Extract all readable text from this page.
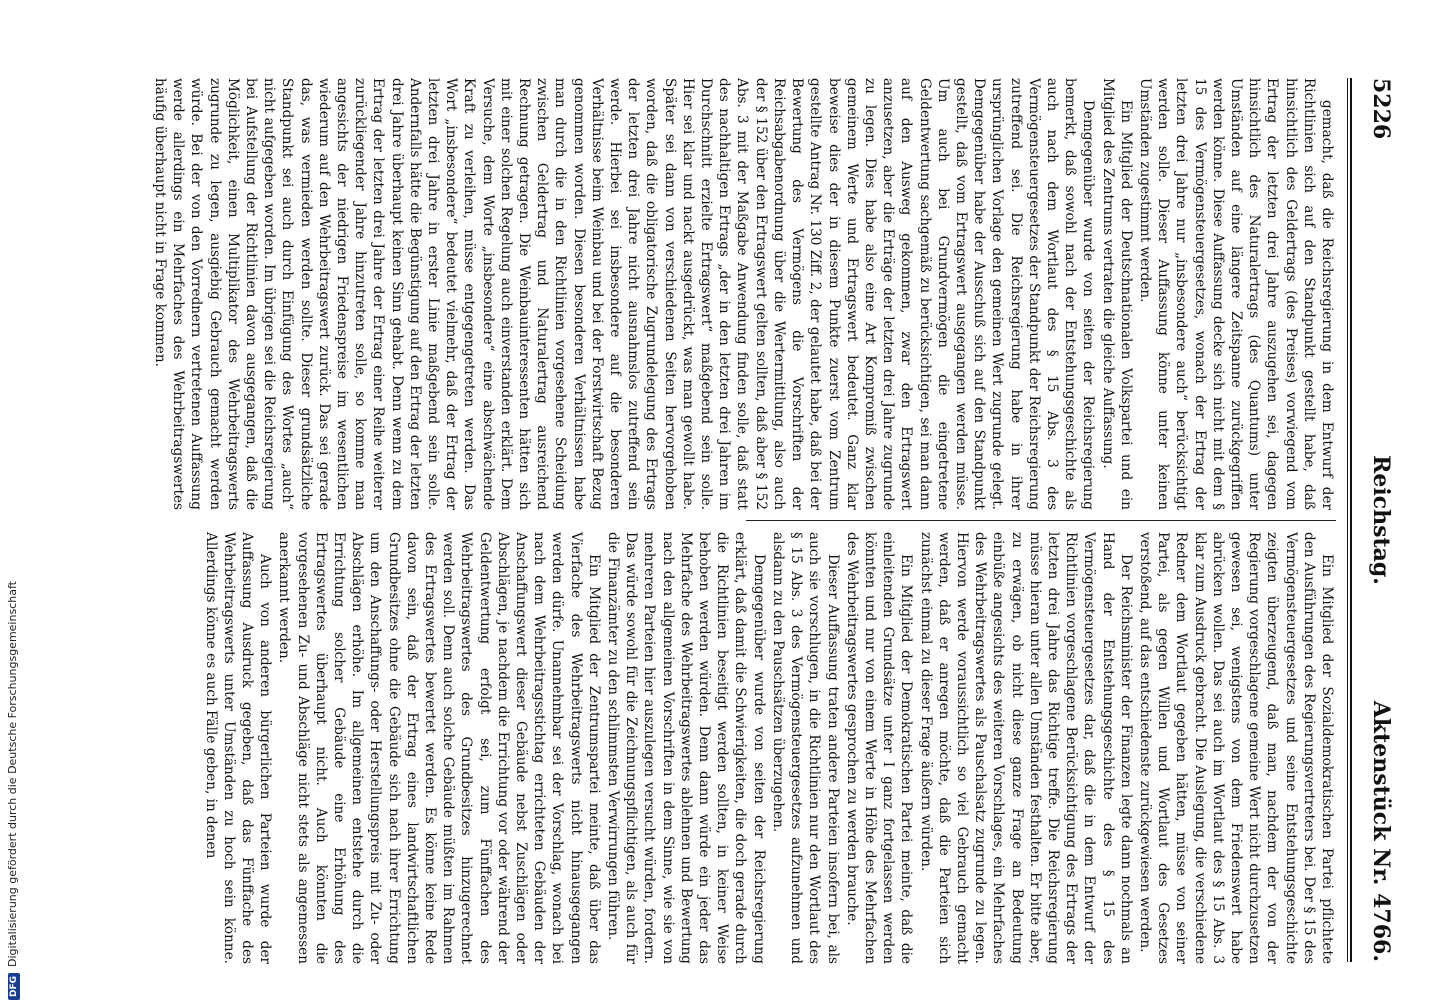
5226
Reichstag.
Aktenstück Nr. 4766.

gemacht, daß die Reichsregierung in dem Entwurf der Richtlinien sich auf den Standpunkt gestellt habe, daß hinsichtlich des Geldertrags (des Preises) vorwiegend vom Ertrag der letzten drei Jahre auszugehen sei, dagegen hinsichtlich des Naturalertrags (des Quantums) unter Umständen auf eine längere Zeitspanne zurückgegriffen werden könne. Diese Auffassung decke sich nicht mit dem § 15 des Vermögensteuergesetzes, wonach der Ertrag der letzten drei Jahre nur „insbesondere auch“ berücksichtigt werden solle. Dieser Auffassung könne unter keinen Umständen zugestimmt werden.

Ein Mitglied der Deutschnationalen Volkspartei und ein Mitglied des Zentrums vertraten die gleiche Auffassung.

Demgegenüber wurde von seiten der Reichsregierung bemerkt, daß sowohl nach der Entstehungsgeschichte als auch nach dem Wortlaut des § 15 Abs. 3 des Vermögensteuergesetzes der Standpunkt der Reichsregierung zutreffend sei. Die Reichsregierung habe in ihrer ursprünglichen Vorlage den gemeinen Wert zugrunde gelegt. Demgegenüber habe der Ausschuß sich auf den Standpunkt gestellt, daß vom Ertragswert ausgegangen werden müsse. Um auch bei Grundvermögen die eingetretene Geldentwertung sachgemäß zu berücksichtigen, sei man dann auf den Ausweg gekommen, zwar den Ertragswert anzusetzen, aber die Erträge der letzten drei Jahre zugrunde zu legen. Dies habe also eine Art Kompromiß zwischen gemeinem Werte und Ertragswert bedeutet. Ganz klar beweise dies der in diesem Punkte zuerst vom Zentrum gestellte Antrag Nr. 130 Ziff. 2, der gelautet habe, daß bei der Bewertung des Vermögens die Vorschriften der Reichsabgabenordnung über die Wertermittlung, also auch der § 152 über den Ertragswert gelten sollten, daß aber § 152 Abs. 3 mit der Maßgabe Anwendung finden solle, daß statt des nachhaltigen Ertrags „der in den letzten drei Jahren im Durchschnitt erzielte Ertragswert“ maßgebend sein solle. Hier sei klar und nackt ausgedrückt, was man gewollt habe. Später sei dann von verschiedenen Seiten hervorgehoben worden, daß die obligatorische Zugrundelegung des Ertrags der letzten drei Jahre nicht ausnahmslos zutreffend sein werde. Hierbei sei insbesondere auf die besonderen Verhältnisse beim Weinbau und bei der Forstwirtschaft Bezug genommen worden. Diesen besonderen Verhältnissen habe man durch die in den Richtlinien vorgesehene Scheidung zwischen Geldertrag und Naturalertrag ausreichend Rechnung getragen. Die Weinbauinteressenten hätten sich mit einer solchen Regelung auch einverstanden erklärt. Dem Versuche, dem Worte „insbesondere“ eine abschwächende Kraft zu verleihen, müsse entgegengetreten werden. Das Wort „insbesondere“ bedeutet vielmehr, daß der Ertrag der letzten drei Jahre in erster Linie maßgebend sein solle. Andernfalls hätte die Begünstigung auf den Ertrag der letzten drei Jahre überhaupt keinen Sinn gehabt. Denn wenn zu dem Ertrag der letzten drei Jahre der Ertrag einer Reihe weiterer zurückliegender Jahre hinzutreten solle, so komme man angesichts der niedrigen Friedenspreise im wesentlichen wiederum auf den Wehrbeitragswert zurück. Das sei gerade das, was vermieden werden sollte. Dieser grundsätzliche Standpunkt sei auch durch Einfügung des Wortes „auch“ nicht aufgegeben worden. Im übrigen sei die Reichsregierung bei Aufstellung der Richtlinien davon ausgegangen, daß die Möglichkeit, einen Multiplikator des Wehrbeitragswerts zugrunde zu legen, ausgiebig Gebrauch gemacht werden würde. Bei der von den Vorrednern vertretenen Auffassung werde allerdings ein Mehrfaches des Wehrbeitragswertes häufig überhaupt nicht in Frage kommen.

Ein Mitglied der Sozialdemokratischen Partei pflichtete den Ausführungen des Regierungsvertreters bei. Der § 15 des Vermögensteuergesetzes und seine Entstehungsgeschichte zeigten überzeugend, daß man, nachdem der von der Regierung vorgeschlagene gemeine Wert nicht durchzusetzen gewesen sei, wenigstens von dem Friedenswert habe abrücken wollen. Das sei auch im Wortlaut des § 15 Abs. 3 klar zum Ausdruck gebracht. Die Auslegung, die verschiedene Redner dem Wortlaut gegeben hätten, müsse von seiner Partei, als gegen Willen und Wortlaut des Gesetzes verstoßend, auf das entschiedenste zurückgewiesen werden.

Der Reichsminister der Finanzen legte dann nochmals an Hand der Entstehungsgeschichte des § 15 des Vermögensteuergesetzes dar, daß die in dem Entwurf der Richtlinien vorgeschlagene Berücksichtigung des Ertrags der letzten drei Jahre das Richtige treffe. Die Reichsregierung müsse hieran unter allen Umständen festhalten. Er bitte aber, zu erwägen, ob nicht diese ganze Frage an Bedeutung einbüße angesichts des weiteren Vorschlages, ein Mehrfaches des Wehrbeitragswertes als Pauschalsatz zugrunde zu legen. Hiervon werde voraussichtlich so viel Gebrauch gemacht werden, daß er anregen möchte, daß die Parteien sich zunächst einmal zu dieser Frage äußern würden.

Ein Mitglied der Demokratischen Partei meinte, daß die einleitenden Grundsätze unter I ganz fortgelassen werden könnten und nur von einem Werte in Höhe des Mehrfachen des Wehrbeitragswertes gesprochen zu werden brauche.

Dieser Auffassung traten andere Parteien insofern bei, als auch sie vorschlugen, in die Richtlinien nur den Wortlaut des § 15 Abs. 3 des Vermögensteuergesetzes aufzunehmen und alsdann zu den Pauschsätzen überzugehen.

Demgegenüber wurde von seiten der Reichsregierung erklärt, daß damit die Schwierigkeiten, die doch gerade durch die Richtlinien beseitigt werden sollten, in keiner Weise behoben werden würden. Denn dann würde ein jeder das Mehrfache des Wehrbeitragswertes ablehnen und Bewertung nach den allgemeinen Vorschriften in dem Sinne, wie sie von mehreren Parteien hier auszulegen versucht würden, fordern. Das würde sowohl für die Zeichnungspflichtigen, als auch für die Finanzämter zu den schlimmsten Verwirrungen führen.

Ein Mitglied der Zentrumspartei meinte, daß über das Vierfache des Wehrbeitragswerts nicht hinausgegangen werden dürfe. Unannehmbar sei der Vorschlag, wonach bei nach dem Wehrbeitragsstichtag errichteten Gebäuden der Anschaffungswert dieser Gebäude nebst Zuschlägen oder Abschlägen, je nachdem die Errichtung vor oder während der Geldentwertung erfolgt sei, zum Fünffachen des Wehrbeitragswertes des Grundbesitzes hinzugerechnet werden soll. Denn auch solche Gebäude müßten im Rahmen des Ertragswertes bewertet werden. Es könne keine Rede davon sein, daß der Ertrag eines landwirtschaftlichen Grundbesitzes ohne die Gebäude sich nach ihrer Errichtung um den Anschaffungs- oder Herstellungspreis mit Zu- oder Abschlägen erhöhe. Im allgemeinen entstehe durch die Errichtung solcher Gebäude eine Erhöhung des Ertragswertes überhaupt nicht. Auch könnten die vorgesehenen Zu- und Abschläge nicht stets als angemessen anerkannt werden.

Auch von anderen bürgerlichen Parteien wurde der Auffassung Ausdruck gegeben, daß das Fünffache des Wehrbeitragswerts unter Umständen zu hoch sein könne. Allerdings könne es auch Fälle geben, in denen

DFGDigitalisierung gefördert durch die Deutsche Forschungsgemeinschaft
